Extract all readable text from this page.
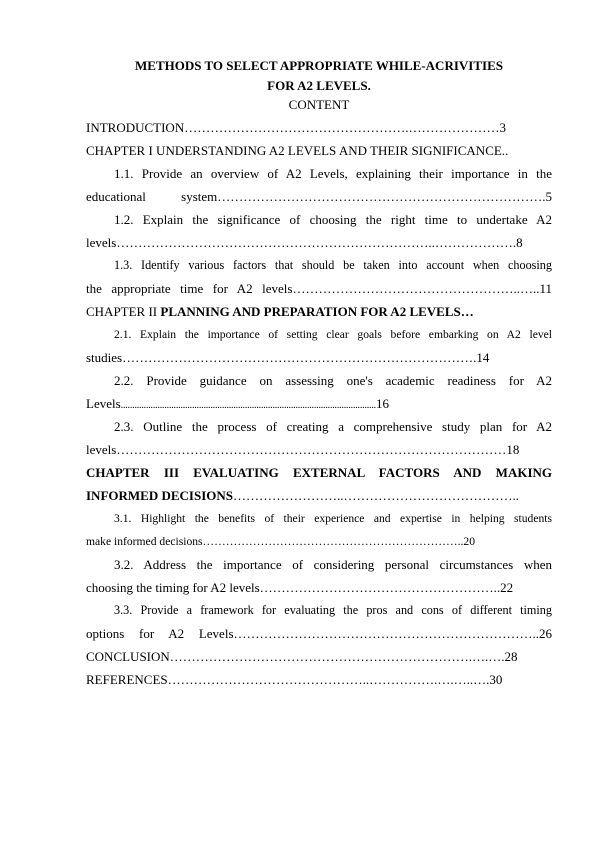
METHODS TO SELECT APPROPRIATE WHILE-ACRIVITIES

FOR A2 LEVELS.

CONTENT

INTRODUCTION…………………………………………….…………………3
CHAPTER I UNDERSTANDING A2 LEVELS AND THEIR SIGNIFICANCE..
1.1. Provide an overview of A2 Levels, explaining their importance in the
educational system………………………………………………………………….5
1.2. Explain the significance of choosing the right time to undertake A2
levels………………………………………………………………..……………….8
1.3. Identify various factors that should be taken into account when choosing
the appropriate time for A2 levels……………………………………………..…..11
CHAPTER II PLANNING AND PREPARATION FOR A2 LEVELS…
2.1. Explain the importance of setting clear goals before embarking on A2 level
studies……………………………………………………………………….14
2.2. Provide guidance on assessing one's academic readiness for A2
Levels...............................................................................................................16
2.3. Outline the process of creating a comprehensive study plan for A2
levels………………………………………………………………………………18
CHAPTER III EVALUATING EXTERNAL FACTORS AND MAKING
INFORMED DECISIONS……………………..…………………………………..
3.1. Highlight the benefits of their experience and expertise in helping students
make informed decisions…………………………………………………………..20
3.2. Address the importance of considering personal circumstances when
choosing the timing for A2 levels………………………………………………..22
3.3. Provide a framework for evaluating the pros and cons of different timing
options for A2 Levels……………………………………………………………..26
CONCLUSION…………………………………………………………….….….28
REFERENCES………………………………………..…………….….…..….30
